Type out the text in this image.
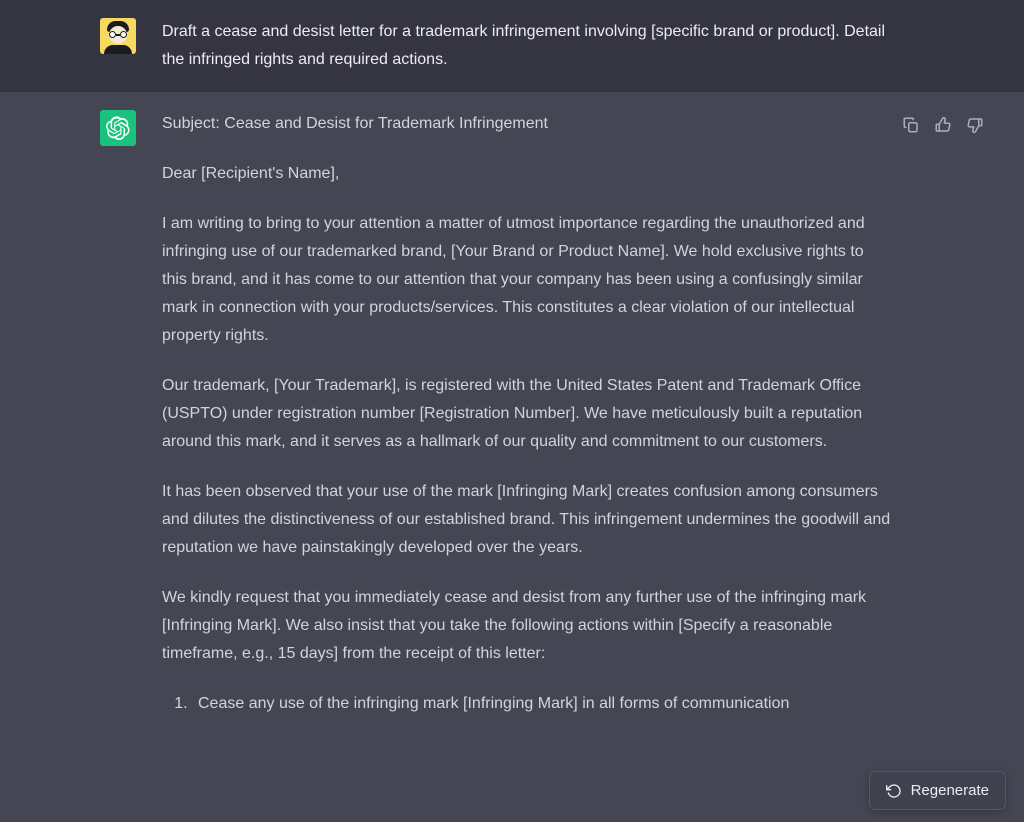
Draft a cease and desist letter for a trademark infringement involving [specific brand or product]. Detail the infringed rights and required actions.

Subject: Cease and Desist for Trademark Infringement

Dear [Recipient's Name],

I am writing to bring to your attention a matter of utmost importance regarding the unauthorized and infringing use of our trademarked brand, [Your Brand or Product Name]. We hold exclusive rights to this brand, and it has come to our attention that your company has been using a confusingly similar mark in connection with your products/services. This constitutes a clear violation of our intellectual property rights.

Our trademark, [Your Trademark], is registered with the United States Patent and Trademark Office (USPTO) under registration number [Registration Number]. We have meticulously built a reputation around this mark, and it serves as a hallmark of our quality and commitment to our customers.

It has been observed that your use of the mark [Infringing Mark] creates confusion among consumers and dilutes the distinctiveness of our established brand. This infringement undermines the goodwill and reputation we have painstakingly developed over the years.

We kindly request that you immediately cease and desist from any further use of the infringing mark [Infringing Mark]. We also insist that you take the following actions within [Specify a reasonable timeframe, e.g., 15 days] from the receipt of this letter:

1. Cease any use of the infringing mark [Infringing Mark] in all forms of communication
Regenerate
